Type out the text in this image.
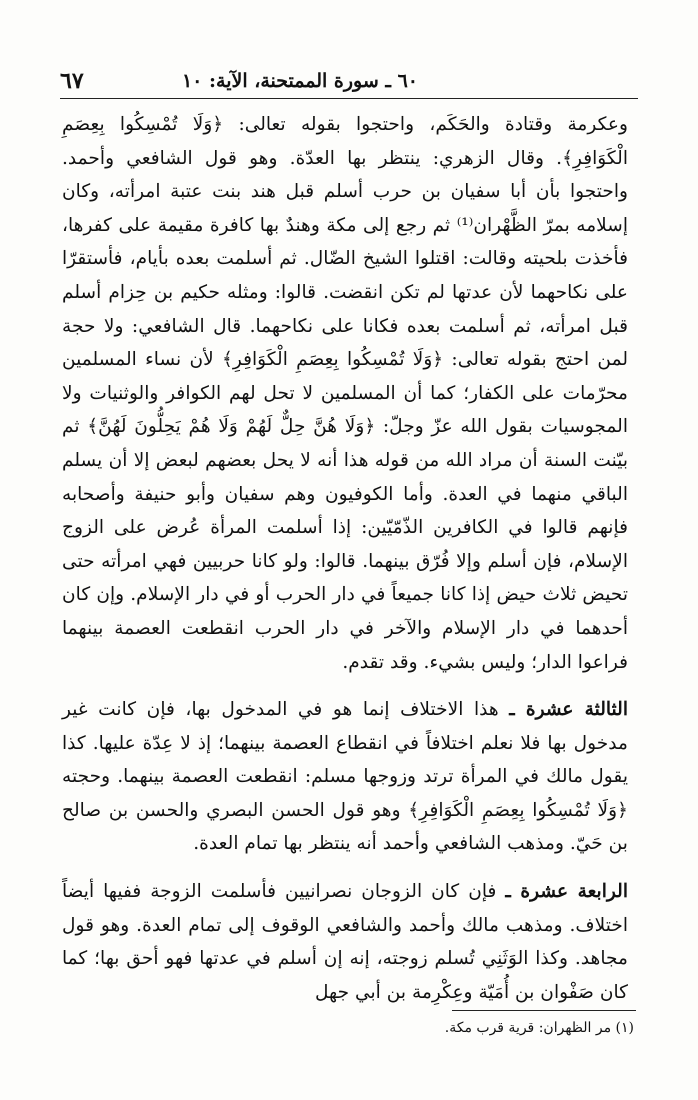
٦٠ ـ سورة الممتحنة، الآية: ١٠
٦٧

وعكرمة وقتادة والحَكَم، واحتجوا بقوله تعالى: ﴿وَلَا تُمْسِكُوا بِعِصَمِ الْكَوَافِرِ﴾. وقال الزهري: ينتظر بها العدّة. وهو قول الشافعي وأحمد. واحتجوا بأن أبا سفيان بن حرب أسلم قبل هند بنت عتبة امرأته، وكان إسلامه بمرّ الظَّهْران⁽¹⁾ ثم رجع إلى مكة وهندٌ بها كافرة مقيمة على كفرها، فأخذت بلحيته وقالت: اقتلوا الشيخ الضّال. ثم أسلمت بعده بأيام، فأستقرّا على نكاحهما لأن عدتها لم تكن انقضت. قالوا: ومثله حكيم بن حِزام أسلم قبل امرأته، ثم أسلمت بعده فكانا على نكاحهما. قال الشافعي: ولا حجة لمن احتج بقوله تعالى: ﴿وَلَا تُمْسِكُوا بِعِصَمِ الْكَوَافِرِ﴾ لأن نساء المسلمين محرّمات على الكفار؛ كما أن المسلمين لا تحل لهم الكوافر والوثنيات ولا المجوسيات بقول الله عزّ وجلّ: ﴿وَلَا هُنَّ حِلٌّ لَهُمْ وَلَا هُمْ يَحِلُّونَ لَهُنَّ﴾ ثم بيّنت السنة أن مراد الله من قوله هذا أنه لا يحل بعضهم لبعض إلا أن يسلم الباقي منهما في العدة. وأما الكوفيون وهم سفيان وأبو حنيفة وأصحابه فإنهم قالوا في الكافرين الذّمّيّين: إذا أسلمت المرأة عُرض على الزوج الإسلام، فإن أسلم وإلا فُرّق بينهما. قالوا: ولو كانا حربيين فهي امرأته حتى تحيض ثلاث حيض إذا كانا جميعاً في دار الحرب أو في دار الإسلام. وإن كان أحدهما في دار الإسلام والآخر في دار الحرب انقطعت العصمة بينهما فراعوا الدار؛ وليس بشيء. وقد تقدم.

الثالثة عشرة ـ هذا الاختلاف إنما هو في المدخول بها، فإن كانت غير مدخول بها فلا نعلم اختلافاً في انقطاع العصمة بينهما؛ إذ لا عِدّة عليها. كذا يقول مالك في المرأة ترتد وزوجها مسلم: انقطعت العصمة بينهما. وحجته ﴿وَلَا تُمْسِكُوا بِعِصَمِ الْكَوَافِرِ﴾ وهو قول الحسن البصري والحسن بن صالح بن حَيّ. ومذهب الشافعي وأحمد أنه ينتظر بها تمام العدة.

الرابعة عشرة ـ فإن كان الزوجان نصرانيين فأسلمت الزوجة ففيها أيضاً اختلاف. ومذهب مالك وأحمد والشافعي الوقوف إلى تمام العدة. وهو قول مجاهد. وكذا الوَثَنِي تُسلم زوجته، إنه إن أسلم في عدتها فهو أحق بها؛ كما كان صَفْوان بن أُمَيّة وعِكْرِمة بن أبي جهل

(١) مر الظهران: قرية قرب مكة.
